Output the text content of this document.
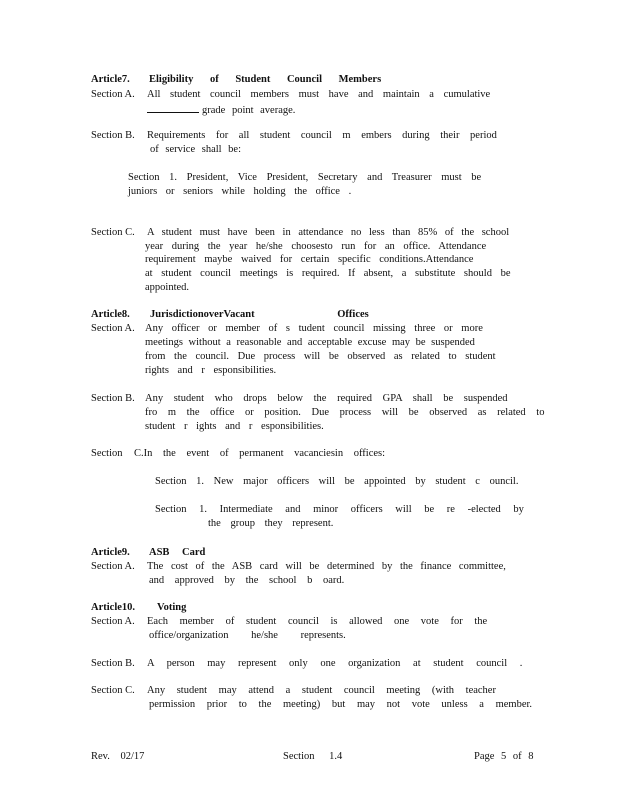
Article7. Eligibility of Student Council Members
Section A. All student council members must have and maintain a cumulative
grade point average.
Section B. Requirements for all student council m embers during their period
of service shall be:
Section 1. President, Vice President, Secretary and Treasurer must be
juniors or seniors while holding the office .
Section C. A student must have been in attendance no less than 85% of the school
year during the year he/she choosesto run for an office. Attendance
requirement maybe waived for certain specific conditions.Attendance
at student council meetings is required. If absent, a substitute should be
appointed.
Article8. JurisdictionoverVacant Offices
Section A. Any officer or member of s tudent council missing three or more
meetings without a reasonable and acceptable excuse may be suspended
from the council. Due process will be observed as related to student
rights and r esponsibilities.
Section B. Any student who drops below the required GPA shall be suspended
fro m the office or position. Due process will be observed as related to
student r ights and r esponsibilities.
Section C.In the event of permanent vacanciesin offices:
Section 1. New major officers will be appointed by student c ouncil.
Section 1. Intermediate and minor officers will be re -elected by
the group they represent.
Article9. ASB Card
Section A. The cost of the ASB card will be determined by the finance committee,
and approved by the school b oard.
Article10. Voting
Section A. Each member of student council is allowed one vote for the
office/organization he/she represents.
Section B. A person may represent only one organization at student council .
Section C. Any student may attend a student council meeting (with teacher
permission prior to the meeting) but may not vote unless a member.
Rev. 02/17	Section 1.4	Page 5 of 8
